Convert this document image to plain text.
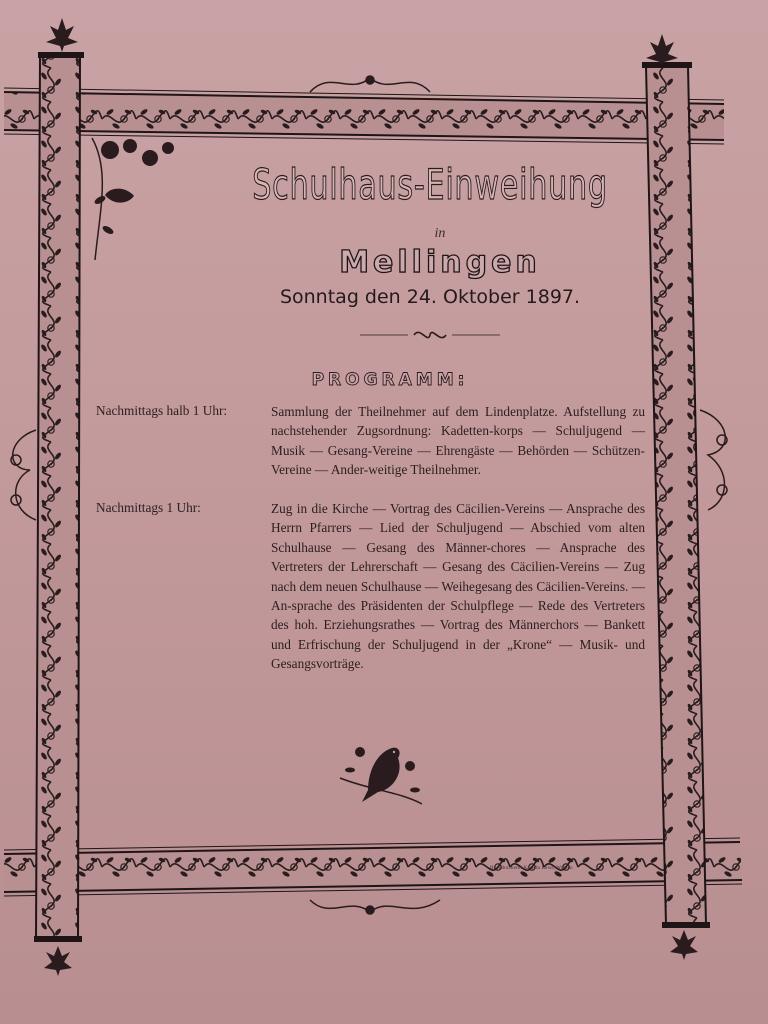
Schulhaus-Einweihung
in
Mellingen
Sonntag den 24. Oktober 1897.
PROGRAMM:
Nachmittags halb 1 Uhr:	Sammlung der Theilnehmer auf dem Lindenplatze. Aufstellung zu nachstehender Zugsordnung: Kadetten-korps — Schuljugend — Musik — Gesang-Vereine — Ehrengäste — Behörden — Schützen-Vereine — Ander-weitige Theilnehmer.
Nachmittags 1 Uhr:	Zug in die Kirche — Vortrag des Cäcilien-Vereins — Ansprache des Herrn Pfarrers — Lied der Schuljugend — Abschied vom alten Schulhause — Gesang des Männer-chores — Ansprache des Vertreters der Lehrerschaft — Gesang des Cäcilien-Vereins — Zug nach dem neuen Schulhause — Weihegesang des Cäcilien-Vereins. — An-sprache des Präsidenten der Schulpflege — Rede des Vertreters des hoh. Erziehungsrathes — Vortrag des Männerchors — Bankett und Erfrischung der Schuljugend in der „Krone“ — Musik- und Gesangsvorträge.
Buchdruckerei Kasteln Reiss, Wohlen
